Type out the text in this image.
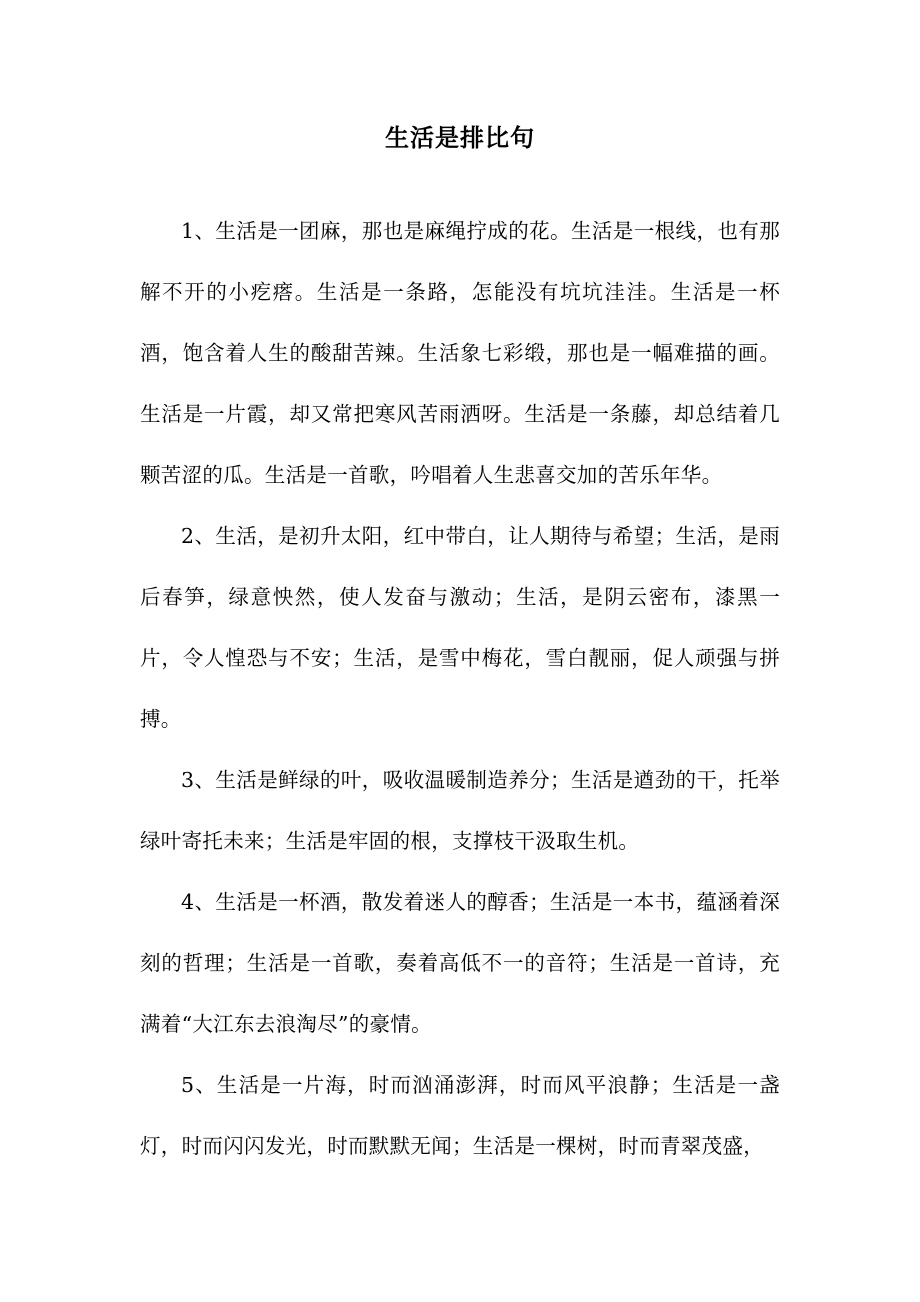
生活是排比句

1、生活是一团麻，那也是麻绳拧成的花。生活是一根线，也有那解不开的小疙瘩。生活是一条路，怎能没有坑坑洼洼。生活是一杯酒，饱含着人生的酸甜苦辣。生活象七彩缎，那也是一幅难描的画。生活是一片霞，却又常把寒风苦雨洒呀。生活是一条藤，却总结着几颗苦涩的瓜。生活是一首歌，吟唱着人生悲喜交加的苦乐年华。

2、生活，是初升太阳，红中带白，让人期待与希望；生活，是雨后春笋，绿意怏然，使人发奋与激动；生活，是阴云密布，漆黑一片，令人惶恐与不安；生活，是雪中梅花，雪白靓丽，促人顽强与拼搏。

3、生活是鲜绿的叶，吸收温暖制造养分；生活是遒劲的干，托举绿叶寄托未来；生活是牢固的根，支撑枝干汲取生机。

4、生活是一杯酒，散发着迷人的醇香；生活是一本书，蕴涵着深刻的哲理；生活是一首歌，奏着高低不一的音符；生活是一首诗，充满着“大江东去浪淘尽”的豪情。

5、生活是一片海，时而汹涌澎湃，时而风平浪静；生活是一盏灯，时而闪闪发光，时而默默无闻；生活是一棵树，时而青翠茂盛，
